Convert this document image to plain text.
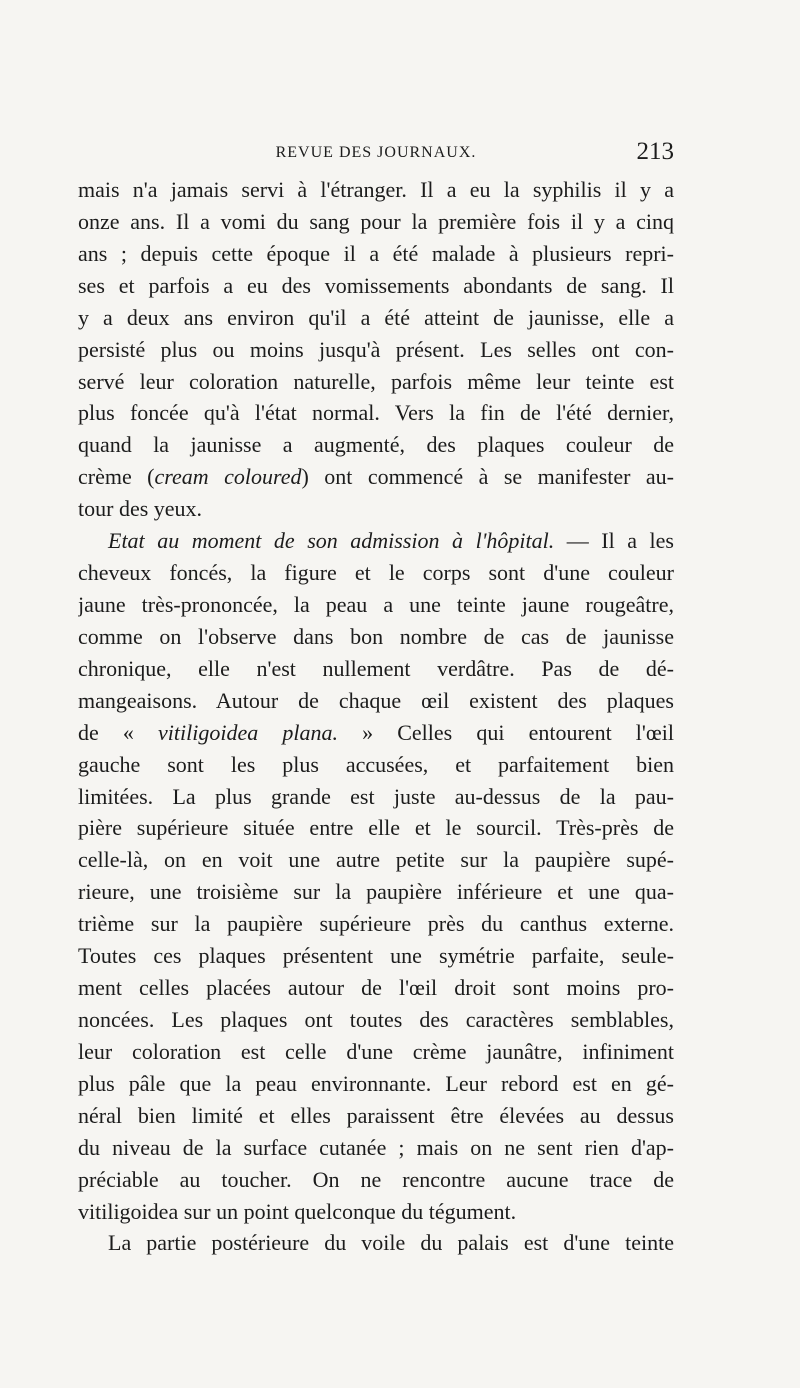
REVUE DES JOURNAUX.	213
mais n'a jamais servi à l'étranger. Il a eu la syphilis il y a
onze ans. Il a vomi du sang pour la première fois il y a cinq
ans ; depuis cette époque il a été malade à plusieurs repri-
ses et parfois a eu des vomissements abondants de sang. Il
y a deux ans environ qu'il a été atteint de jaunisse, elle a
persisté plus ou moins jusqu'à présent. Les selles ont con-
servé leur coloration naturelle, parfois même leur teinte est
plus foncée qu'à l'état normal. Vers la fin de l'été dernier,
quand la jaunisse a augmenté, des plaques couleur de
crème (cream coloured) ont commencé à se manifester au-
tour des yeux.
Etat au moment de son admission à l'hôpital. — Il a les
cheveux foncés, la figure et le corps sont d'une couleur
jaune très-prononcée, la peau a une teinte jaune rougeâtre,
comme on l'observe dans bon nombre de cas de jaunisse
chronique, elle n'est nullement verdâtre. Pas de dé-
mangeaisons. Autour de chaque œil existent des plaques
de « vitiligoidea plana. » Celles qui entourent l'œil
gauche sont les plus accusées, et parfaitement bien
limitées. La plus grande est juste au-dessus de la pau-
pière supérieure située entre elle et le sourcil. Très-près de
celle-là, on en voit une autre petite sur la paupière supé-
rieure, une troisième sur la paupière inférieure et une qua-
trième sur la paupière supérieure près du canthus externe.
Toutes ces plaques présentent une symétrie parfaite, seule-
ment celles placées autour de l'œil droit sont moins pro-
noncées. Les plaques ont toutes des caractères semblables,
leur coloration est celle d'une crème jaunâtre, infiniment
plus pâle que la peau environnante. Leur rebord est en gé-
néral bien limité et elles paraissent être élevées au dessus
du niveau de la surface cutanée ; mais on ne sent rien d'ap-
préciable au toucher. On ne rencontre aucune trace de
vitiligoidea sur un point quelconque du tégument.
La partie postérieure du voile du palais est d'une teinte
